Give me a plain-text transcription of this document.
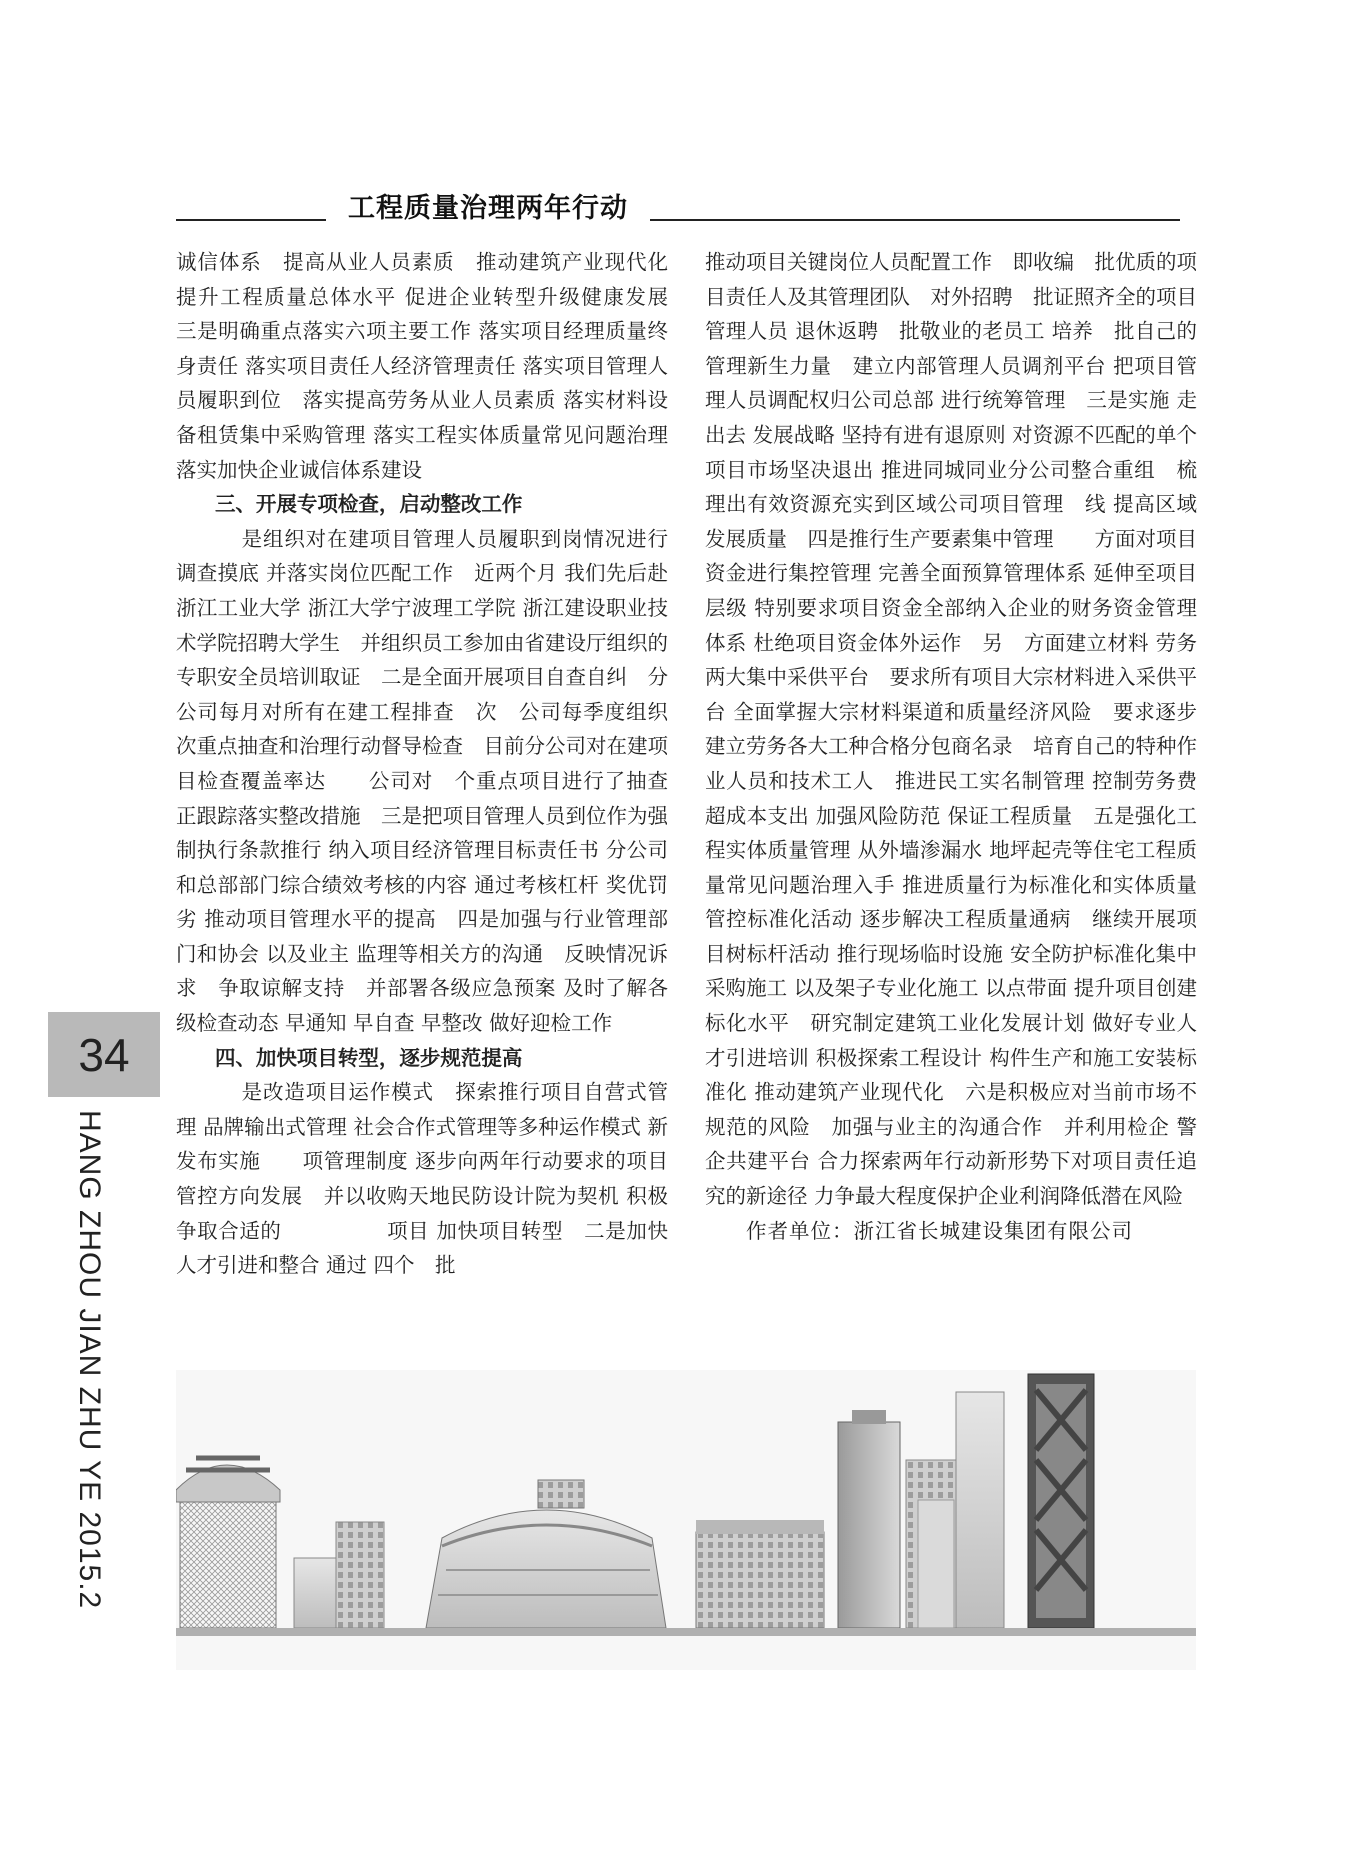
工程质量治理两年行动

诚信体系　提高从业人员素质　推动建筑产业现代化 提升工程质量总体水平 促进企业转型升级健康发展　三是明确重点落实六项主要工作 落实项目经理质量终身责任 落实项目责任人经济管理责任 落实项目管理人员履职到位　落实提高劳务从业人员素质 落实材料设备租赁集中采购管理 落实工程实体质量常见问题治理 落实加快企业诚信体系建设

三、开展专项检查，启动整改工作

是组织对在建项目管理人员履职到岗情况进行调查摸底 并落实岗位匹配工作　近两个月 我们先后赴浙江工业大学 浙江大学宁波理工学院 浙江建设职业技术学院招聘大学生　并组织员工参加由省建设厅组织的专职安全员培训取证　二是全面开展项目自查自纠　分公司每月对所有在建工程排查　次　公司每季度组织　次重点抽查和治理行动督导检查　目前分公司对在建项目检查覆盖率达　　公司对　个重点项目进行了抽查 正跟踪落实整改措施　三是把项目管理人员到位作为强制执行条款推行 纳入项目经济管理目标责任书 分公司和总部部门综合绩效考核的内容 通过考核杠杆 奖优罚劣 推动项目管理水平的提高　四是加强与行业管理部门和协会 以及业主 监理等相关方的沟通　反映情况诉求　争取谅解支持　并部署各级应急预案 及时了解各级检查动态 早通知 早自查 早整改 做好迎检工作

四、加快项目转型，逐步规范提高

是改造项目运作模式　探索推行项目自营式管理 品牌输出式管理 社会合作式管理等多种运作模式 新发布实施　　项管理制度 逐步向两年行动要求的项目管控方向发展　并以收购天地民防设计院为契机 积极争取合适的　　　　　项目 加快项目转型　二是加快人才引进和整合 通过 四个　批

推动项目关键岗位人员配置工作　即收编　批优质的项目责任人及其管理团队　对外招聘　批证照齐全的项目管理人员 退休返聘　批敬业的老员工 培养　批自己的管理新生力量　建立内部管理人员调剂平台 把项目管理人员调配权归公司总部 进行统筹管理　三是实施 走出去 发展战略 坚持有进有退原则 对资源不匹配的单个项目市场坚决退出 推进同城同业分公司整合重组　梳理出有效资源充实到区域公司项目管理　线 提高区域发展质量　四是推行生产要素集中管理　　方面对项目资金进行集控管理 完善全面预算管理体系 延伸至项目层级 特别要求项目资金全部纳入企业的财务资金管理体系 杜绝项目资金体外运作　另　方面建立材料 劳务两大集中采供平台　要求所有项目大宗材料进入采供平台 全面掌握大宗材料渠道和质量经济风险　要求逐步建立劳务各大工种合格分包商名录　培育自己的特种作业人员和技术工人　推进民工实名制管理 控制劳务费超成本支出 加强风险防范 保证工程质量　五是强化工程实体质量管理 从外墙渗漏水 地坪起壳等住宅工程质量常见问题治理入手 推进质量行为标准化和实体质量管控标准化活动 逐步解决工程质量通病　继续开展项目树标杆活动 推行现场临时设施 安全防护标准化集中采购施工 以及架子专业化施工 以点带面 提升项目创建标化水平　研究制定建筑工业化发展计划 做好专业人才引进培训 积极探索工程设计 构件生产和施工安装标准化 推动建筑产业现代化　六是积极应对当前市场不规范的风险　加强与业主的沟通合作　并利用检企 警企共建平台 合力探索两年行动新形势下对项目责任追究的新途径 力争最大程度保护企业利润降低潜在风险

作者单位：浙江省长城建设集团有限公司

34
HANG ZHOU JIAN ZHU YE 2015.2
